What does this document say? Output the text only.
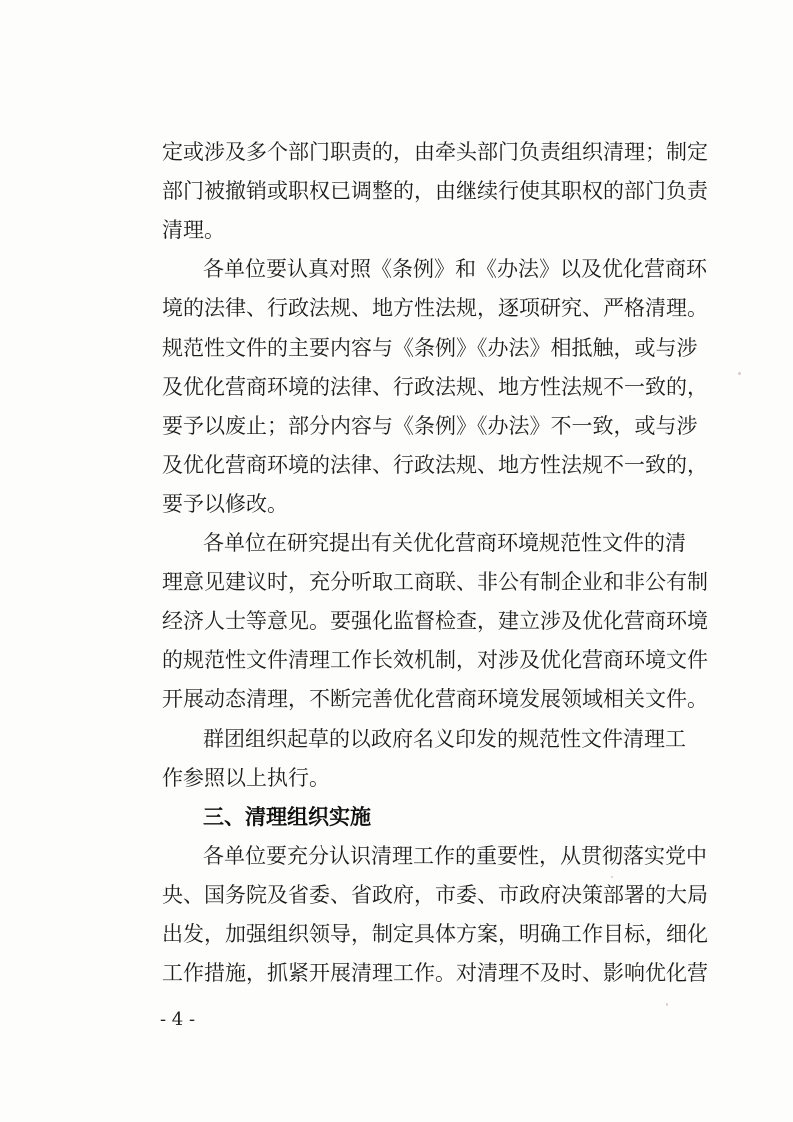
定或涉及多个部门职责的，由牵头部门负责组织清理；制定
部门被撤销或职权已调整的，由继续行使其职权的部门负责
清理。
各单位要认真对照《条例》和《办法》以及优化营商环
境的法律、行政法规、地方性法规，逐项研究、严格清理。
规范性文件的主要内容与《条例》《办法》相抵触，或与涉
及优化营商环境的法律、行政法规、地方性法规不一致的，
要予以废止；部分内容与《条例》《办法》不一致，或与涉
及优化营商环境的法律、行政法规、地方性法规不一致的，
要予以修改。
各单位在研究提出有关优化营商环境规范性文件的清
理意见建议时，充分听取工商联、非公有制企业和非公有制
经济人士等意见。要强化监督检查，建立涉及优化营商环境
的规范性文件清理工作长效机制，对涉及优化营商环境文件
开展动态清理，不断完善优化营商环境发展领域相关文件。
群团组织起草的以政府名义印发的规范性文件清理工
作参照以上执行。
三、清理组织实施
各单位要充分认识清理工作的重要性，从贯彻落实党中
央、国务院及省委、省政府，市委、市政府决策部署的大局
出发，加强组织领导，制定具体方案，明确工作目标，细化
工作措施，抓紧开展清理工作。对清理不及时、影响优化营
- 4 -
